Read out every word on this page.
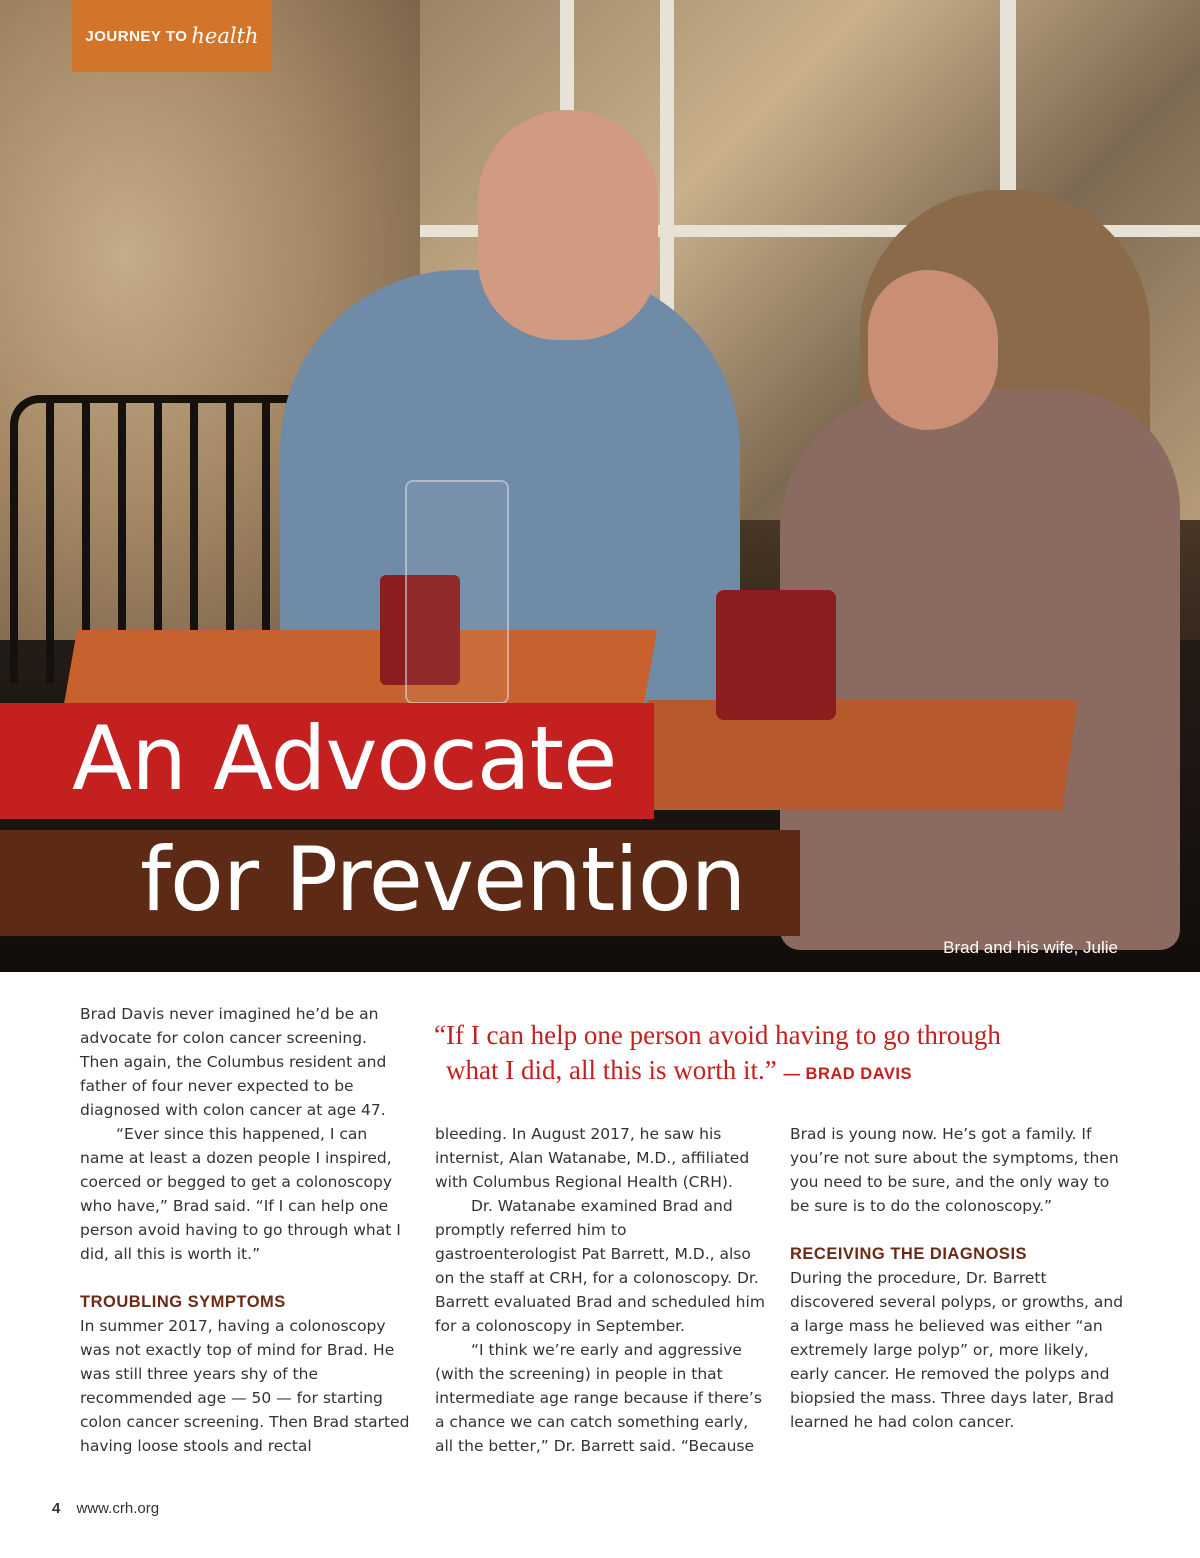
JOURNEY TO health
An Advocate
for Prevention
Brad and his wife, Julie

Brad Davis never imagined he’d be an advocate for colon cancer screening. Then again, the Columbus resident and father of four never expected to be diagnosed with colon cancer at age 47.

“Ever since this happened, I can name at least a dozen people I inspired, coerced or begged to get a colonoscopy who have,” Brad said. “If I can help one person avoid having to go through what I did, all this is worth it.”

TROUBLING SYMPTOMS

In summer 2017, having a colonoscopy was not exactly top of mind for Brad. He was still three years shy of the recommended age — 50 — for starting colon cancer screening. Then Brad started having loose stools and rectal

“If I can help one person avoid having to go through
what I did, all this is worth it.” — BRAD DAVIS

bleeding. In August 2017, he saw his internist, Alan Watanabe, M.D., affiliated with Columbus Regional Health (CRH).

Dr. Watanabe examined Brad and promptly referred him to gastroenterologist Pat Barrett, M.D., also on the staff at CRH, for a colonoscopy. Dr. Barrett evaluated Brad and scheduled him for a colonoscopy in September.

“I think we’re early and aggressive (with the screening) in people in that intermediate age range because if there’s a chance we can catch something early, all the better,” Dr. Barrett said. “Because

Brad is young now. He’s got a family. If you’re not sure about the symptoms, then you need to be sure, and the only way to be sure is to do the colonoscopy.”

RECEIVING THE DIAGNOSIS

During the procedure, Dr. Barrett discovered several polyps, or growths, and a large mass he believed was either “an extremely large polyp” or, more likely, early cancer. He removed the polyps and biopsied the mass. Three days later, Brad learned he had colon cancer.

4 www.crh.org
